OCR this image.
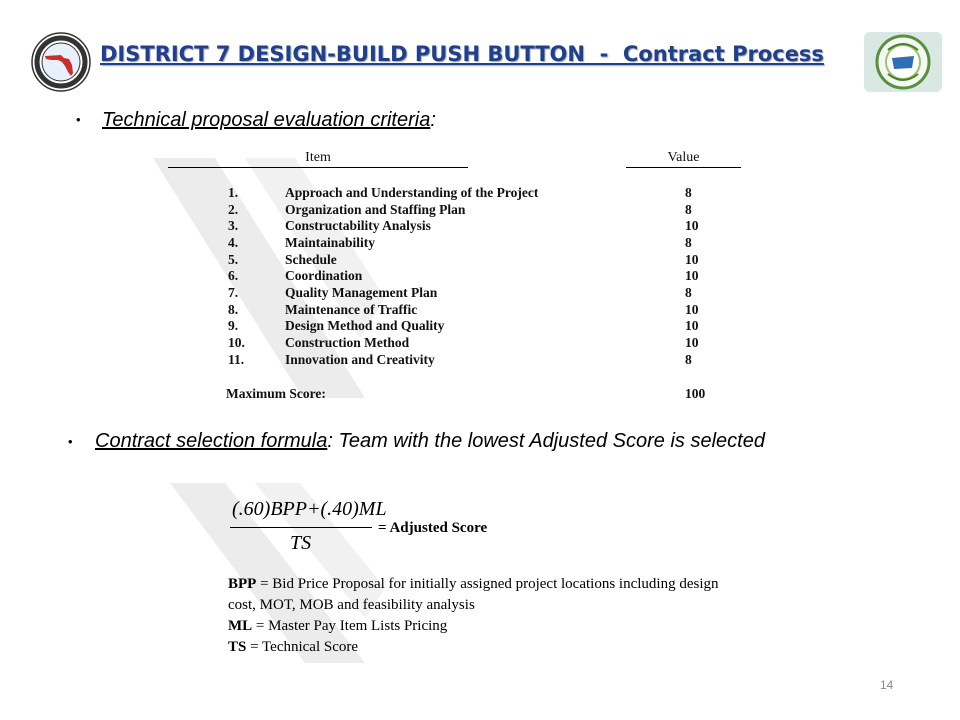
DISTRICT 7 DESIGN-BUILD PUSH BUTTON  -  Contract Process
• Technical proposal evaluation criteria:
Item	Value
1.	Approach and Understanding of the Project	8
2.	Organization and Staffing Plan	8
3.	Constructability Analysis	10
4.	Maintainability	8
5.	Schedule	10
6.	Coordination	10
7.	Quality Management Plan	8
8.	Maintenance of Traffic	10
9.	Design Method and Quality	10
10.	Construction Method	10
11.	Innovation and Creativity	8
Maximum Score:	100
• Contract selection formula: Team with the lowest Adjusted Score is selected
(.60)BPP+(.40)ML
TS
= Adjusted Score
BPP = Bid Price Proposal for initially assigned project locations including design
cost, MOT, MOB and feasibility analysis
ML = Master Pay Item Lists Pricing
TS = Technical Score
14
